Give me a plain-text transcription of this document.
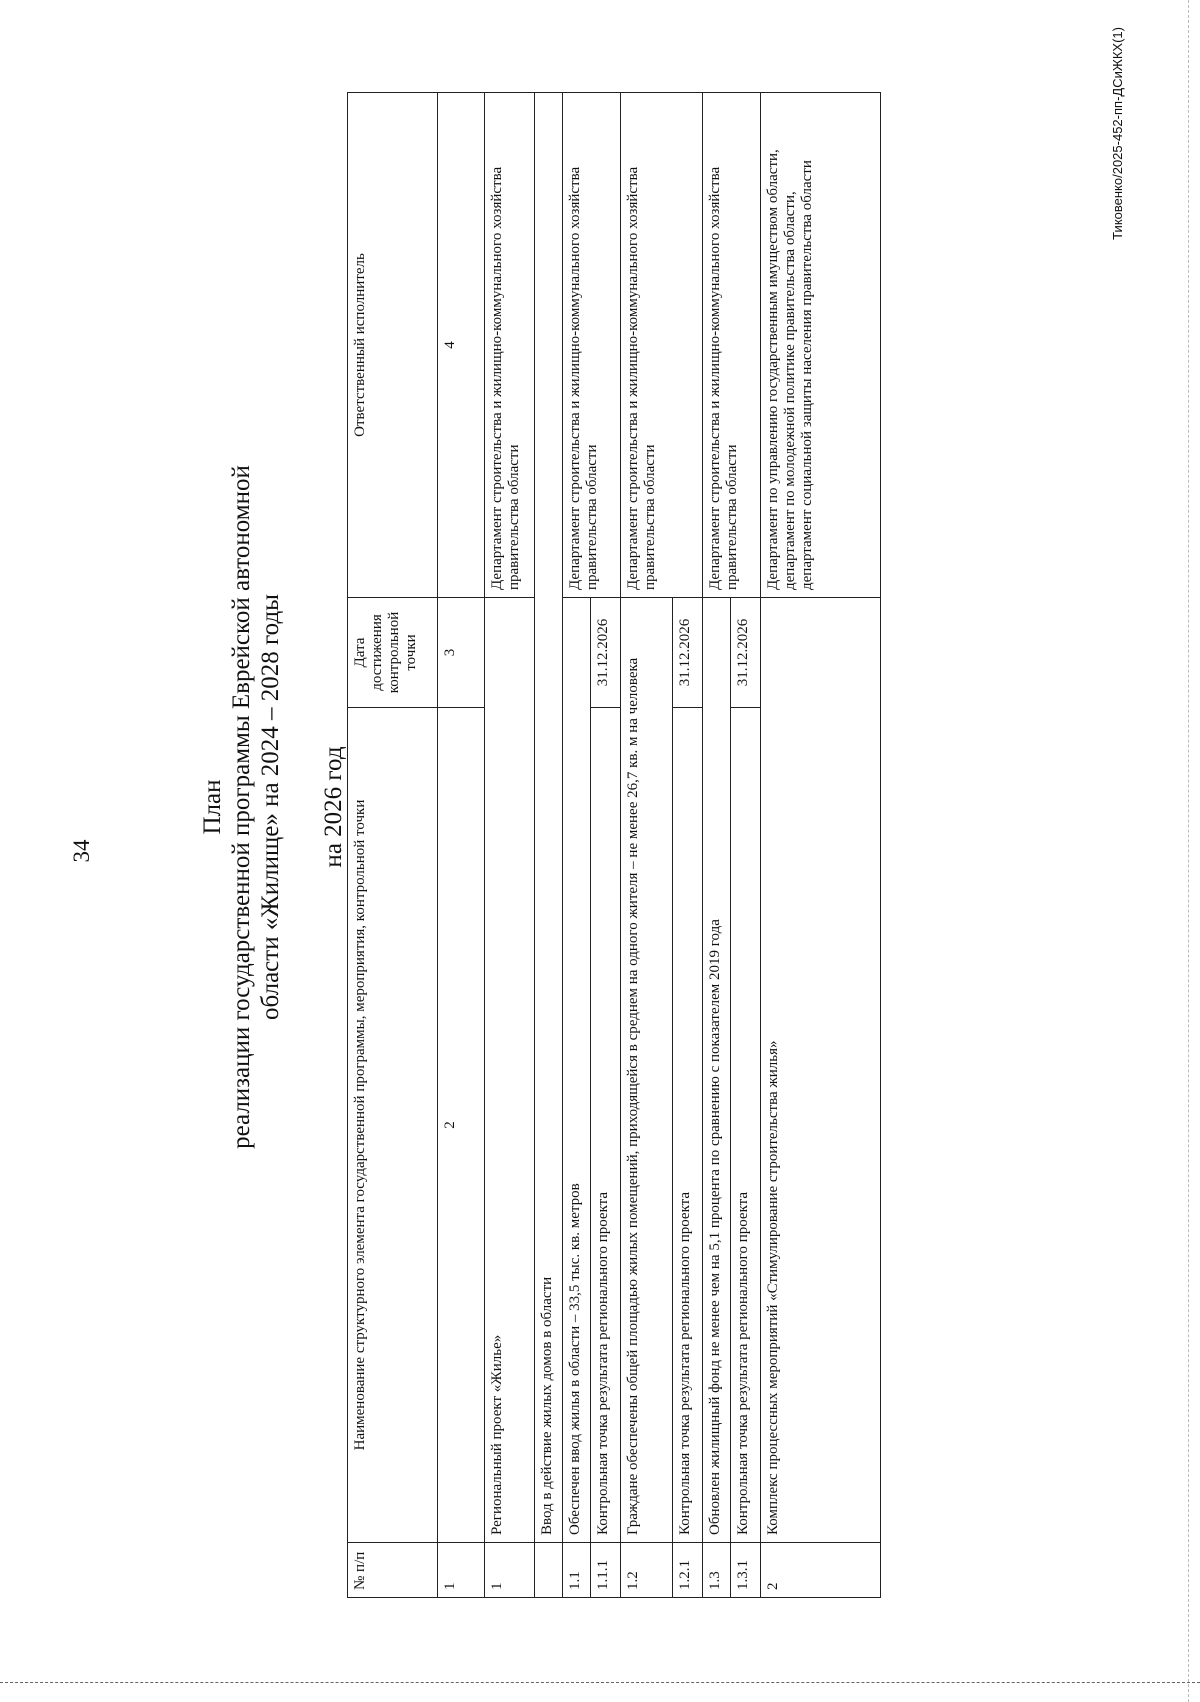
34
План реализации государственной программы Еврейской автономной области «Жилище» на 2024 – 2028 годы на 2026 год
№ п/п	Наименование структурного элемента государственной программы, мероприятия, контрольной точки	Дата достижения контрольной точки	Ответственный исполнитель
1	2	3	4
1	Региональный проект «Жилье»		Департамент строительства и жилищно-коммунального хозяйства правительства области
	Ввод в действие жилых домов в области		
1.1	Обеспечен ввод жилья в области – 33,5 тыс. кв. метров		Департамент строительства и жилищно-коммунального хозяйства правительства области
1.1.1	Контрольная точка результата регионального проекта	31.12.2026	
1.2	Граждане обеспечены общей площадью жилых помещений, приходящейся в среднем на одного жителя – не менее 26,7 кв. м на человека		Департамент строительства и жилищно-коммунального хозяйства правительства области
1.2.1	Контрольная точка результата регионального проекта	31.12.2026	
1.3	Обновлен жилищный фонд не менее чем на 5,1 процента по сравнению с показателем 2019 года		Департамент строительства и жилищно-коммунального хозяйства правительства области
1.3.1	Контрольная точка результата регионального проекта	31.12.2026	
2	Комплекс процессных мероприятий «Стимулирование строительства жилья»		Департамент по управлению государственным имуществом области, департамент по молодежной политике правительства области, департамент социальной защиты населения правительства области
Тиковенко/2025-452-пп-ДСиЖКХ(1)
